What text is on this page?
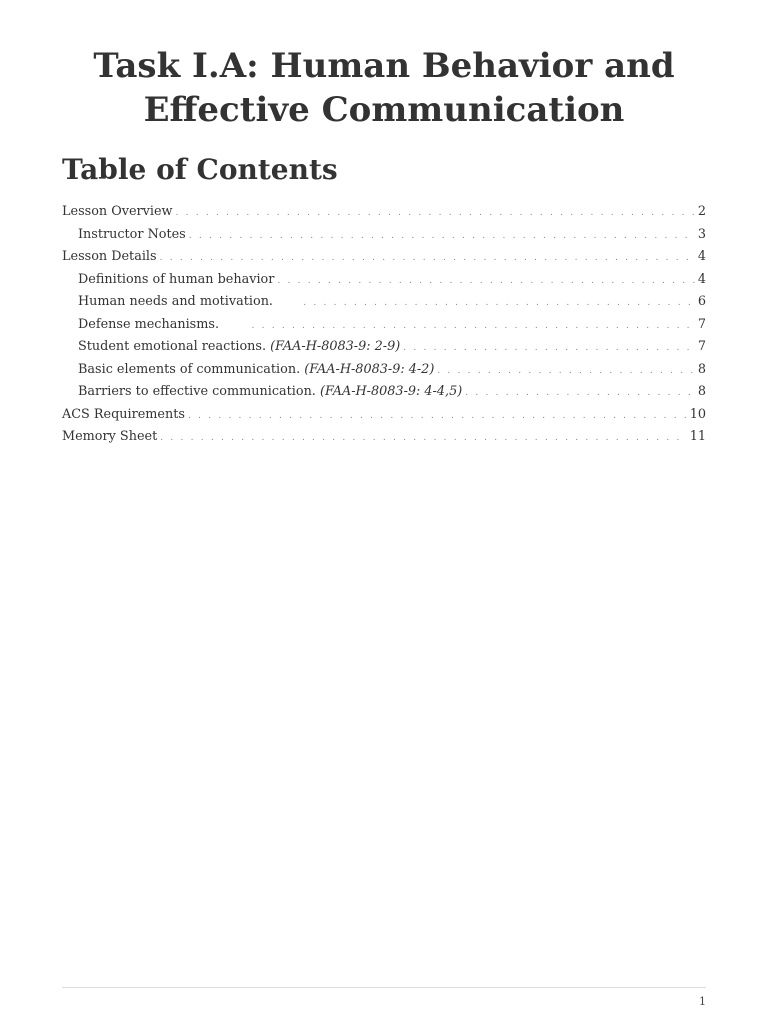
Task I.A: Human Behavior and Effective Communication
Table of Contents
Lesson Overview . . .	2
Instructor Notes . . .	3
Lesson Details . . .	4
Definitions of human behavior . . .	4
Human needs and motivation. . . .	6
Defense mechanisms. . . .	7
Student emotional reactions. (FAA-H-8083-9: 2-9) . . .	7
Basic elements of communication. (FAA-H-8083-9: 4-2) . . .	8
Barriers to effective communication. (FAA-H-8083-9: 4-4,5) . . .	8
ACS Requirements . . .	10
Memory Sheet . . .	11
1
